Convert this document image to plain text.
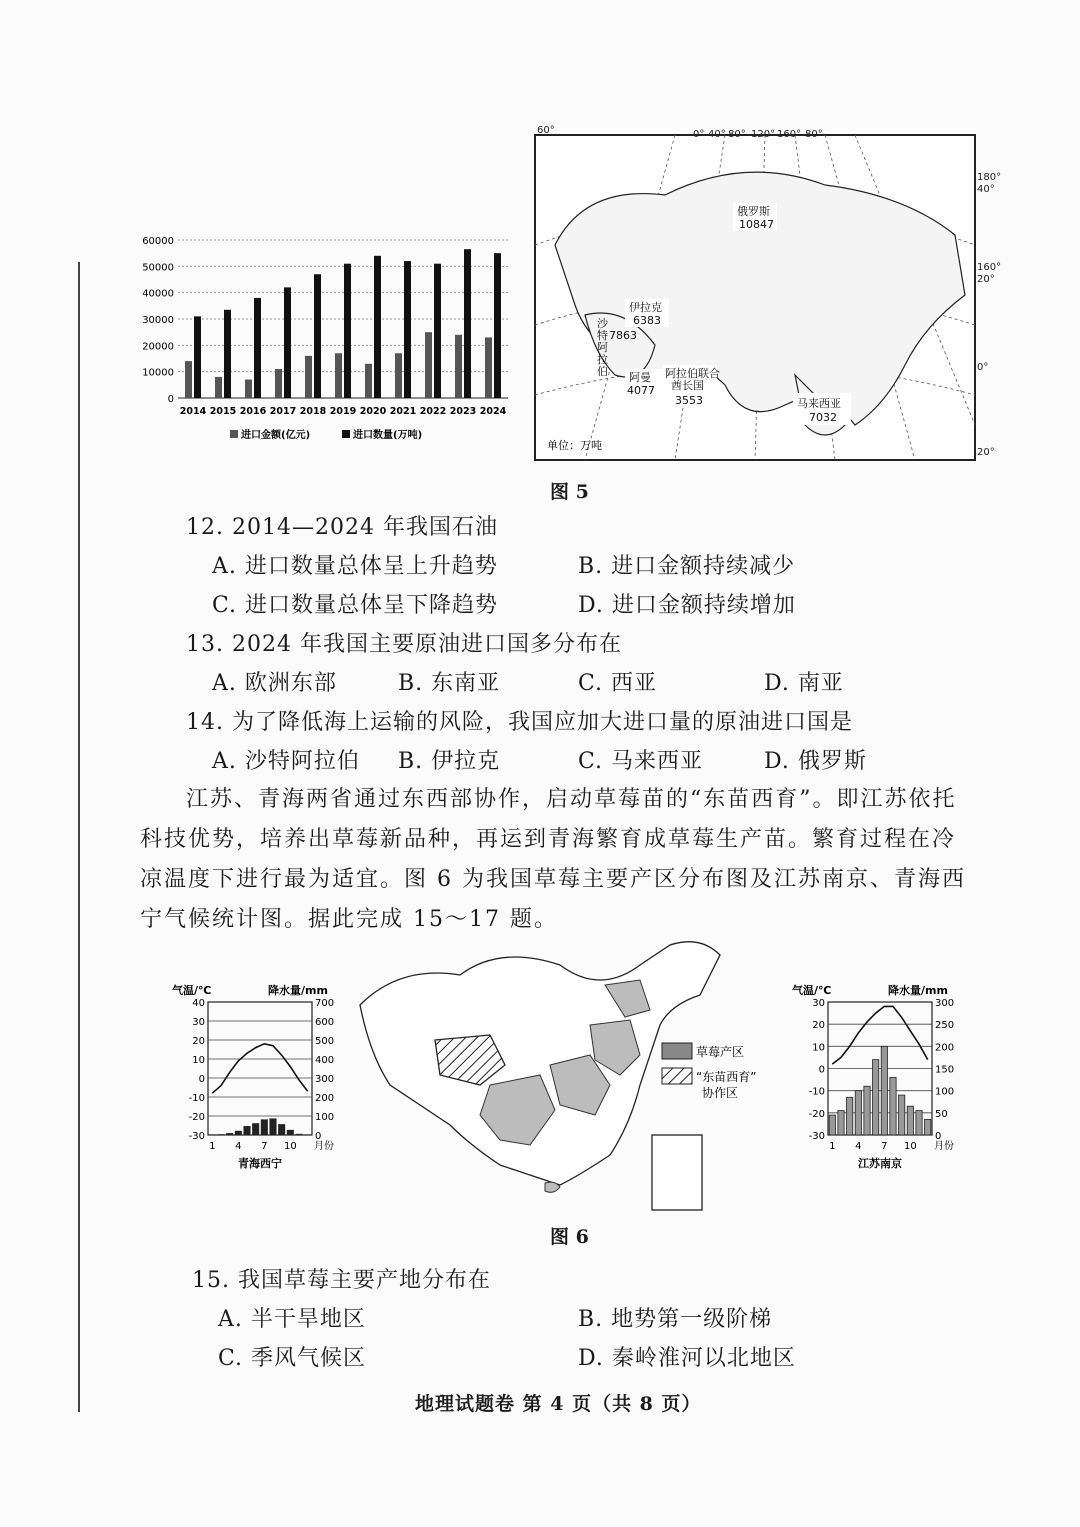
0
10000
20000
30000
40000
50000
60000
2014 2015 2016 2017 2018 2019 2020 2021 2022 2023 2024
进口金额(亿元)	进口数量(万吨)
60°	0° 40° 80° 120° 160° 80°
180°
40°
160°
20°
0°
20°
俄罗斯
10847
伊拉克
6383
沙
特
阿
拉
伯
7863
阿曼
4077
阿拉伯联合
酋长国
3553	马来西亚
7032
单位：万吨
图 5
12. 2014—2024 年我国石油
A. 进口数量总体呈上升趋势	B. 进口金额持续减少
C. 进口数量总体呈下降趋势	D. 进口金额持续增加
13. 2024 年我国主要原油进口国多分布在
A. 欧洲东部	B. 东南亚	C. 西亚	D. 南亚
14. 为了降低海上运输的风险，我国应加大进口量的原油进口国是
A. 沙特阿拉伯 B. 伊拉克	C. 马来西亚	D. 俄罗斯
江苏、青海两省通过东西部协作，启动草莓苗的“东苗西育”。即江苏依托
科技优势，培养出草莓新品种，再运到青海繁育成草莓生产苗。繁育过程在冷
凉温度下进行最为适宜。图 6 为我国草莓主要产区分布图及江苏南京、青海西
宁气候统计图。据此完成 15～17 题。
气温/℃	降水量/mm
40
30
20
10
0
-10
-20
-30
700
600
500
400
300
200
100
0
1 4 7 10 月份
青海西宁
草莓产区
“东苗西育”
协作区
气温/℃	降水量/mm
30
20
10
0
-10
-20
-30
300
250
200
150
100
50
0
1 4 7 10 月份
江苏南京
图 6
15. 我国草莓主要产地分布在
A. 半干旱地区	B. 地势第一级阶梯
C. 季风气候区	D. 秦岭淮河以北地区
地理试题卷 第 4 页（共 8 页）
